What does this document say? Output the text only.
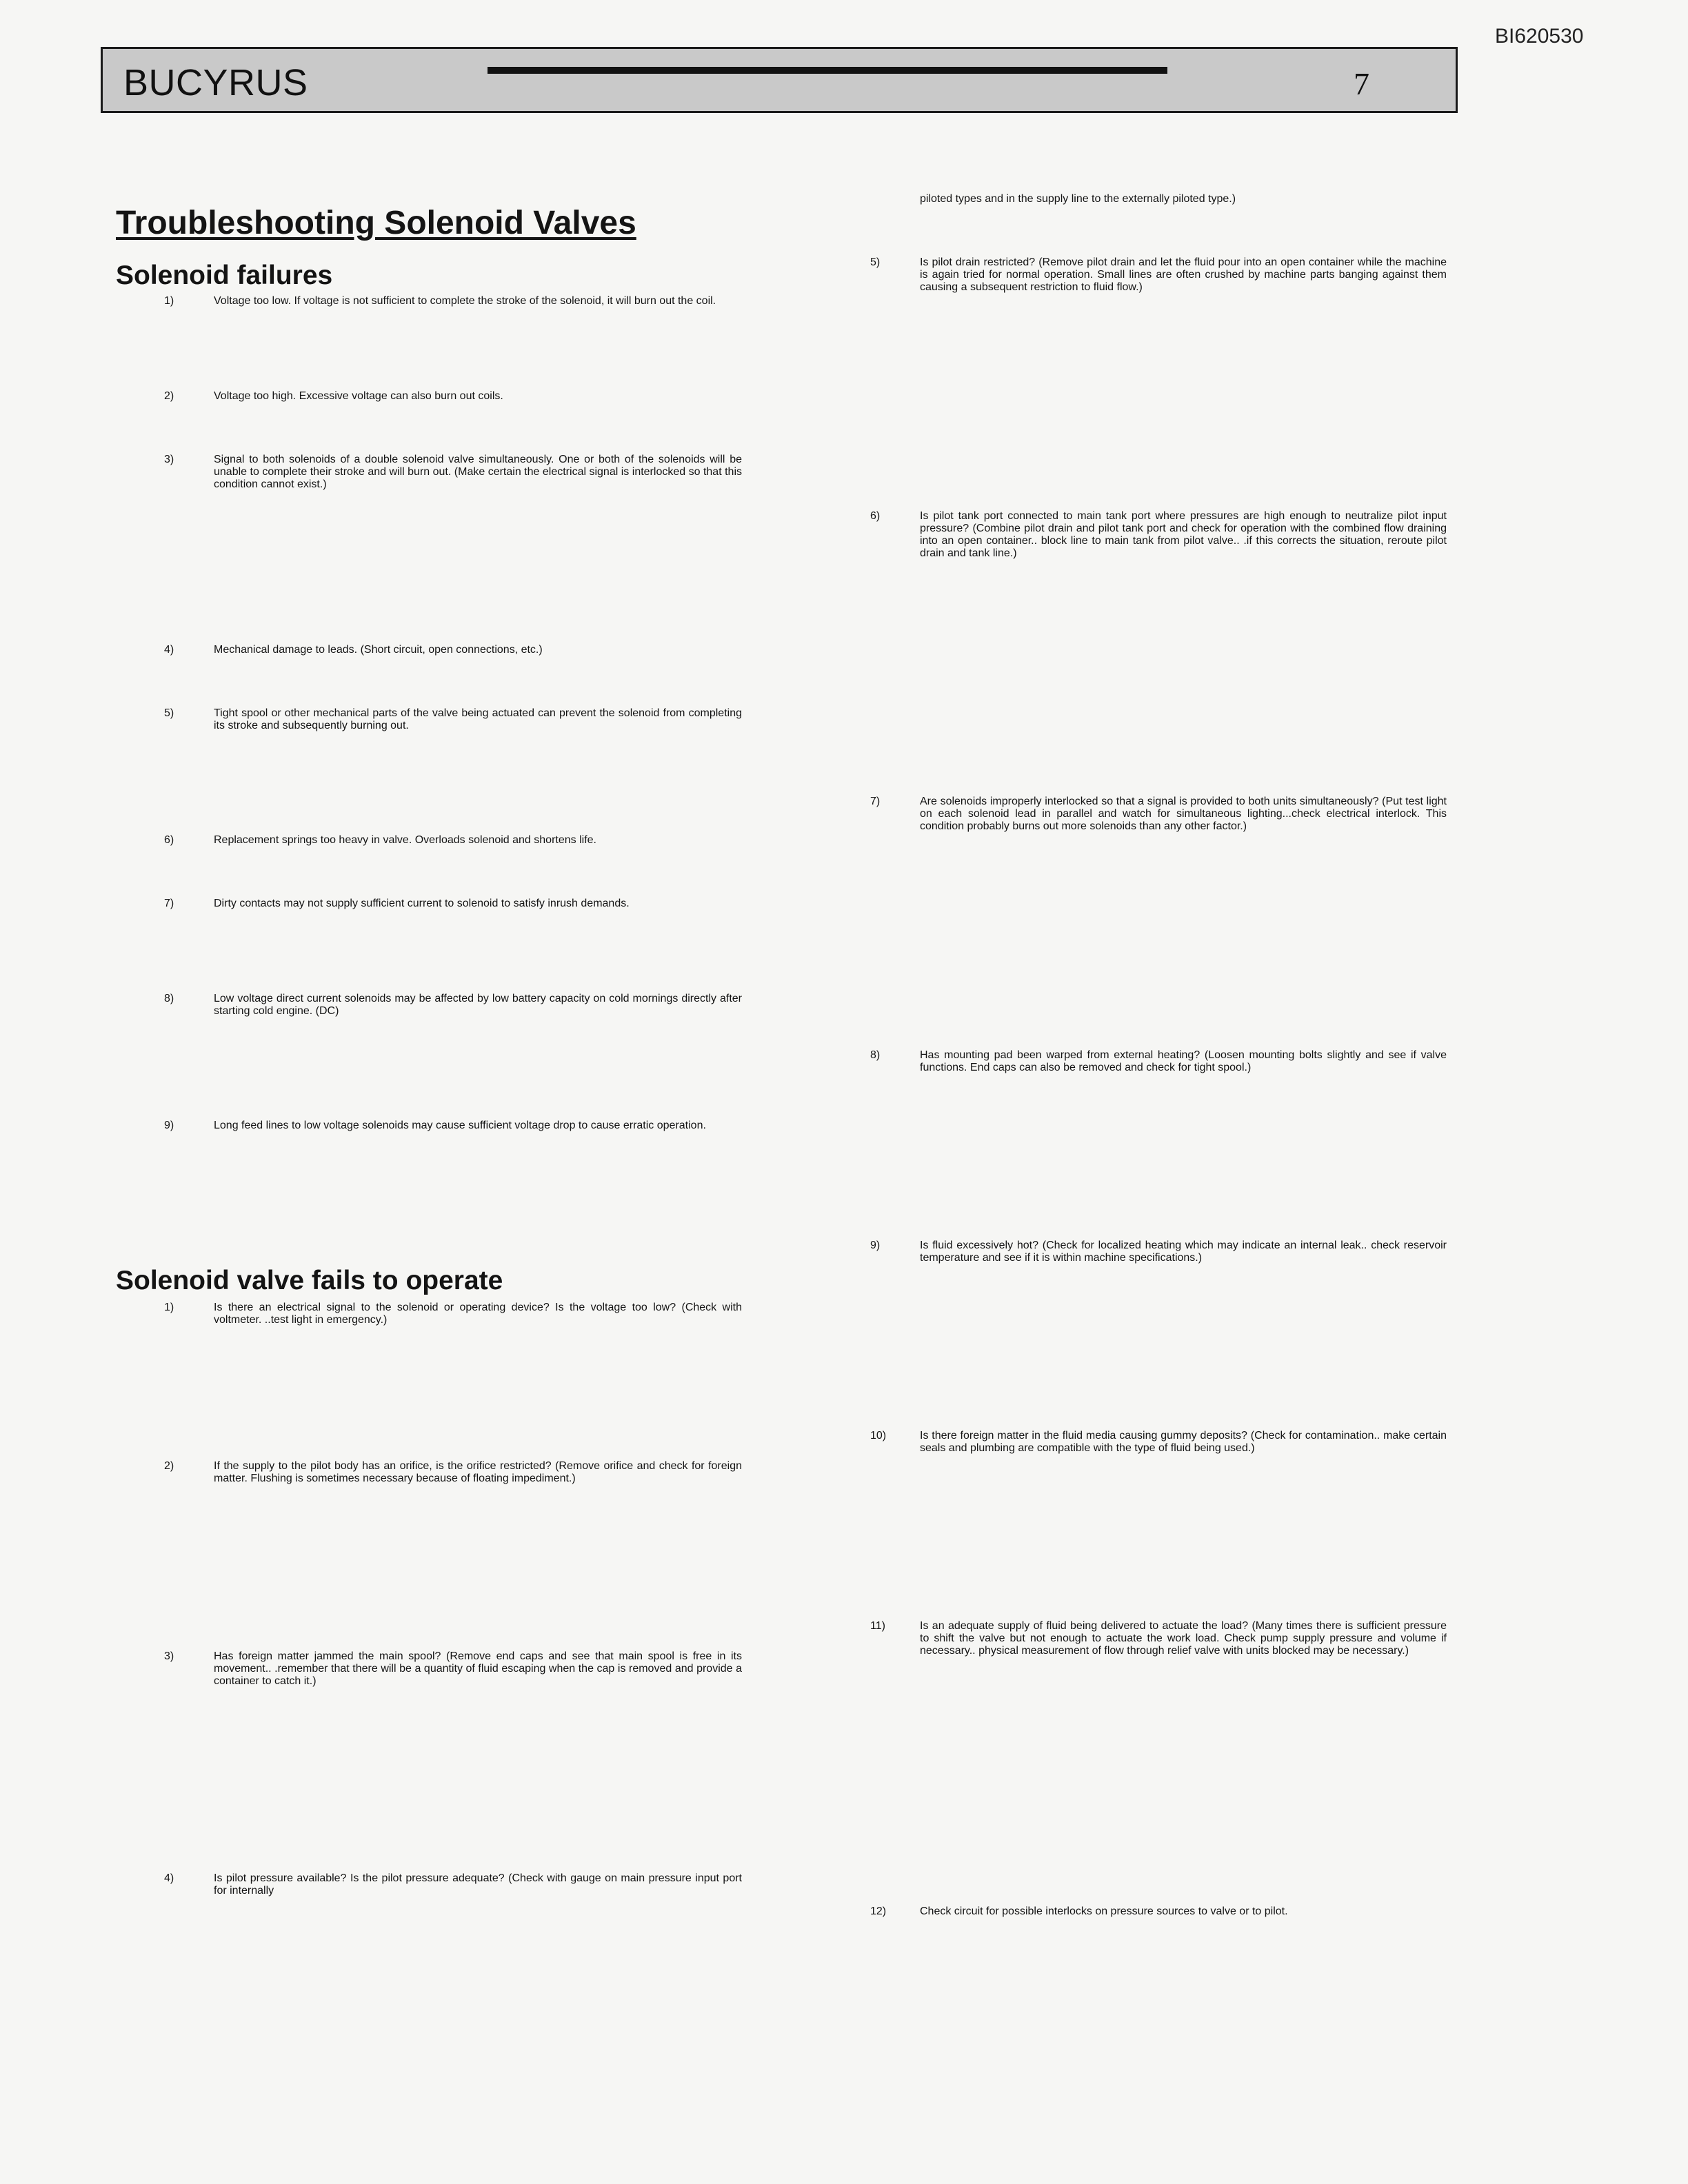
BI620530
BUCYRUS	7
Troubleshooting Solenoid Valves
Solenoid failures
1)	Voltage too low. If voltage is not sufficient to complete the stroke of the solenoid, it will burn out the coil.

2)	Voltage too high. Excessive voltage can also burn out coils.

3)	Signal to both solenoids of a double solenoid valve simultaneously. One or both of the solenoids will be unable to complete their stroke and will burn out. (Make certain the electrical signal is interlocked so that this condition cannot exist.)

4)	Mechanical damage to leads. (Short circuit, open connections, etc.)

5)	Tight spool or other mechanical parts of the valve being actuated can prevent the solenoid from completing its stroke and subsequently burning out.

6)	Replacement springs too heavy in valve. Overloads solenoid and shortens life.

7)	Dirty contacts may not supply sufficient current to solenoid to satisfy inrush demands.

8)	Low voltage direct current solenoids may be affected by low battery capacity on cold mornings directly after starting cold engine. (DC)

9)	Long feed lines to low voltage solenoids may cause sufficient voltage drop to cause erratic operation.

Solenoid valve fails to operate
1)	Is there an electrical signal to the solenoid or operating device? Is the voltage too low? (Check with voltmeter. ..test light in emergency.)

2)	If the supply to the pilot body has an orifice, is the orifice restricted? (Remove orifice and check for foreign matter. Flushing is sometimes necessary because of floating impediment.)

3)	Has foreign matter jammed the main spool? (Remove end caps and see that main spool is free in its movement.. .remember that there will be a quantity of fluid escaping when the cap is removed and provide a container to catch it.)

4)	Is pilot pressure available? Is the pilot pressure adequate? (Check with gauge on main pressure input port for internally

piloted types and in the supply line to the externally piloted type.)

5)	Is pilot drain restricted? (Remove pilot drain and let the fluid pour into an open container while the machine is again tried for normal operation. Small lines are often crushed by machine parts banging against them causing a subsequent restriction to fluid flow.)

6)	Is pilot tank port connected to main tank port where pressures are high enough to neutralize pilot input pressure? (Combine pilot drain and pilot tank port and check for operation with the combined flow draining into an open container.. block line to main tank from pilot valve.. .if this corrects the situation, reroute pilot drain and tank line.)

7)	Are solenoids improperly interlocked so that a signal is provided to both units simultaneously? (Put test light on each solenoid lead in parallel and watch for simultaneous lighting...check electrical interlock. This condition probably burns out more solenoids than any other factor.)

8)	Has mounting pad been warped from external heating? (Loosen mounting bolts slightly and see if valve functions. End caps can also be removed and check for tight spool.)

9)	Is fluid excessively hot? (Check for localized heating which may indicate an internal leak.. check reservoir temperature and see if it is within machine specifications.)

10)	Is there foreign matter in the fluid media causing gummy deposits? (Check for contamination.. make certain seals and plumbing are compatible with the type of fluid being used.)

11)	Is an adequate supply of fluid being delivered to actuate the load? (Many times there is sufficient pressure to shift the valve but not enough to actuate the work load. Check pump supply pressure and volume if necessary.. physical measurement of flow through relief valve with units blocked may be necessary.)

12)	Check circuit for possible interlocks on pressure sources to valve or to pilot.
